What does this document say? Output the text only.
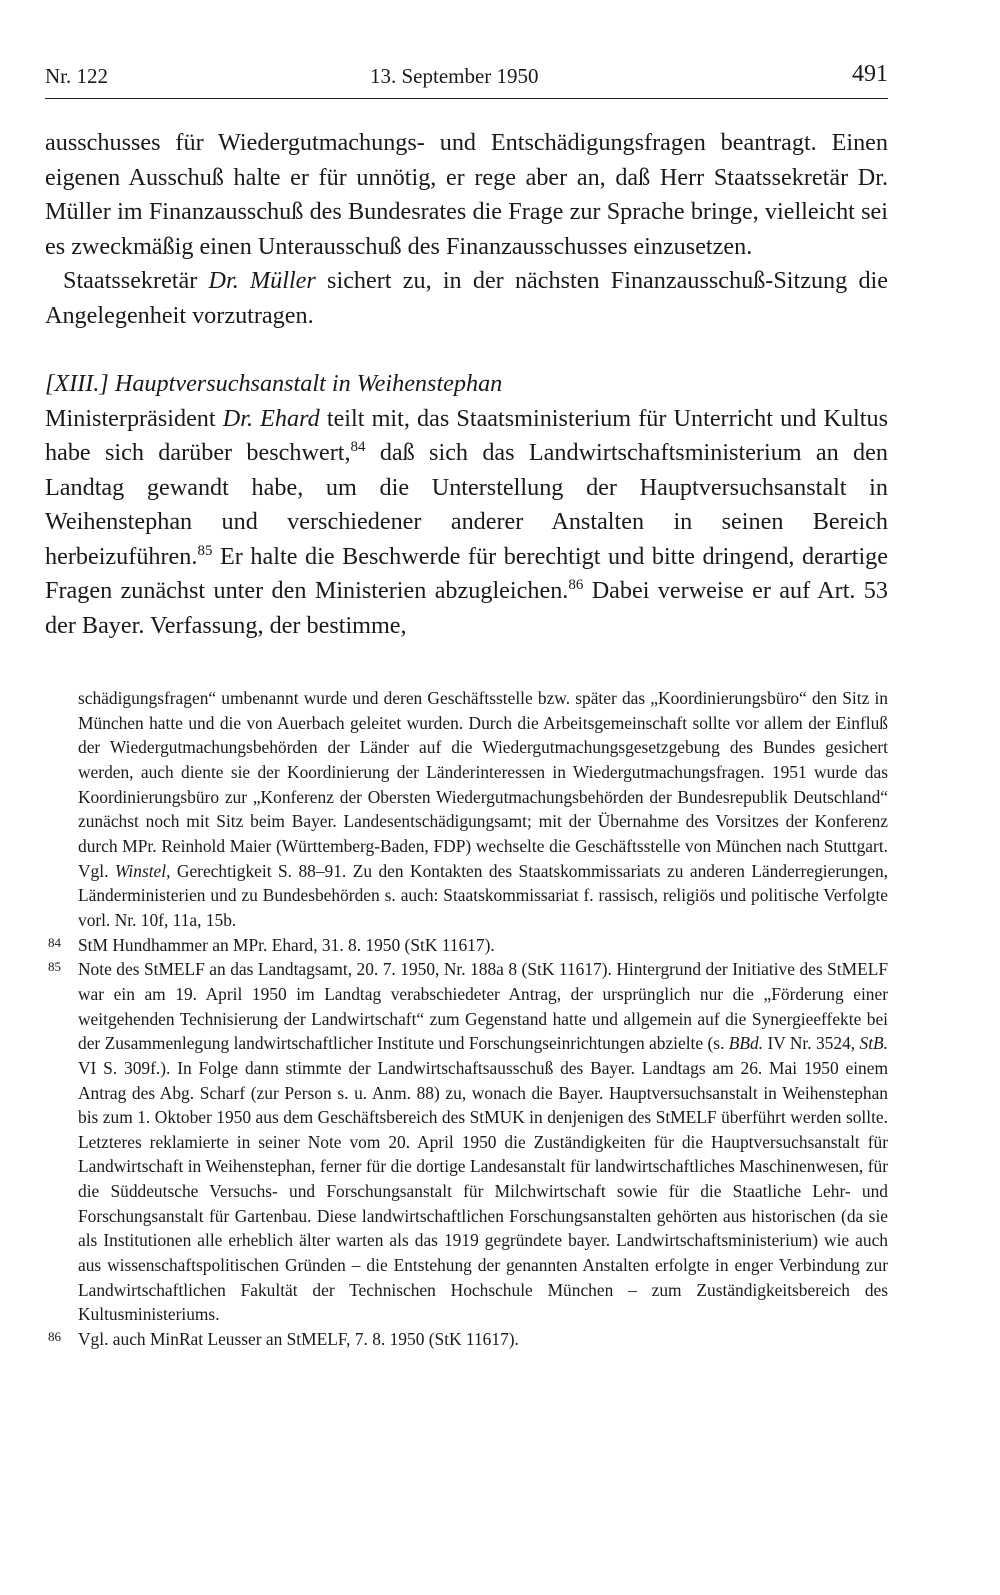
Nr. 122	13. September 1950	491

ausschusses für Wiedergutmachungs- und Entschädigungsfragen beantragt. Einen eigenen Ausschuß halte er für unnötig, er rege aber an, daß Herr Staatssekretär Dr. Müller im Finanzausschuß des Bundesrates die Frage zur Sprache bringe, vielleicht sei es zweckmäßig einen Unterausschuß des Finanzausschusses einzusetzen.

Staatssekretär Dr. Müller sichert zu, in der nächsten Finanzausschuß-Sitzung die Angelegenheit vorzutragen.

[XIII.] Hauptversuchsanstalt in Weihenstephan

Ministerpräsident Dr. Ehard teilt mit, das Staatsministerium für Unterricht und Kultus habe sich darüber beschwert,$^{84}$ daß sich das Landwirtschaftsministerium an den Landtag gewandt habe, um die Unterstellung der Hauptversuchsanstalt in Weihenstephan und verschiedener anderer Anstalten in seinen Bereich herbeizuführen.$^{85}$ Er halte die Beschwerde für berechtigt und bitte dringend, derartige Fragen zunächst unter den Ministerien abzugleichen.$^{86}$ Dabei verweise er auf Art. 53 der Bayer. Verfassung, der bestimme,

schädigungsfragen“ umbenannt wurde und deren Geschäftsstelle bzw. später das „Koordinierungsbüro“ den Sitz in München hatte und die von Auerbach geleitet wurden. Durch die Arbeitsgemeinschaft sollte vor allem der Einfluß der Wiedergutmachungsbehörden der Länder auf die Wiedergutmachungsgesetzgebung des Bundes gesichert werden, auch diente sie der Koordinierung der Länderinteressen in Wiedergutmachungsfragen. 1951 wurde das Koordinierungsbüro zur „Konferenz der Obersten Wiedergutmachungsbehörden der Bundesrepublik Deutschland“ zunächst noch mit Sitz beim Bayer. Landesentschädigungsamt; mit der Übernahme des Vorsitzes der Konferenz durch MPr. Reinhold Maier (Württemberg-Baden, FDP) wechselte die Geschäftsstelle von München nach Stuttgart. Vgl. Winstel, Gerechtigkeit S. 88–91. Zu den Kontakten des Staatskommissariats zu anderen Länderregierungen, Länderministerien und zu Bundesbehörden s. auch: Staatskommissariat f. rassisch, religiös und politische Verfolgte vorl. Nr. 10f, 11a, 15b.

84 StM Hundhammer an MPr. Ehard, 31. 8. 1950 (StK 11617).

85 Note des StMELF an das Landtagsamt, 20. 7. 1950, Nr. 188a 8 (StK 11617). Hintergrund der Initiative des StMELF war ein am 19. April 1950 im Landtag verabschiedeter Antrag, der ursprünglich nur die „Förderung einer weitgehenden Technisierung der Landwirtschaft“ zum Gegenstand hatte und allgemein auf die Synergieeffekte bei der Zusammenlegung landwirtschaftlicher Institute und Forschungseinrichtungen abzielte (s. BBd. IV Nr. 3524, StB. VI S. 309f.). In Folge dann stimmte der Landwirtschaftsausschuß des Bayer. Landtags am 26. Mai 1950 einem Antrag des Abg. Scharf (zur Person s. u. Anm. 88) zu, wonach die Bayer. Hauptversuchsanstalt in Weihenstephan bis zum 1. Oktober 1950 aus dem Geschäftsbereich des StMUK in denjenigen des StMELF überführt werden sollte. Letzteres reklamierte in seiner Note vom 20. April 1950 die Zuständigkeiten für die Hauptversuchsanstalt für Landwirtschaft in Weihenstephan, ferner für die dortige Landesanstalt für landwirtschaftliches Maschinenwesen, für die Süddeutsche Versuchs- und Forschungsanstalt für Milchwirtschaft sowie für die Staatliche Lehr- und Forschungsanstalt für Gartenbau. Diese landwirtschaftlichen Forschungsanstalten gehörten aus historischen (da sie als Institutionen alle erheblich älter warten als das 1919 gegründete bayer. Landwirtschaftsministerium) wie auch aus wissenschaftspolitischen Gründen – die Entstehung der genannten Anstalten erfolgte in enger Verbindung zur Landwirtschaftlichen Fakultät der Technischen Hochschule München – zum Zuständigkeitsbereich des Kultusministeriums.

86 Vgl. auch MinRat Leusser an StMELF, 7. 8. 1950 (StK 11617).
